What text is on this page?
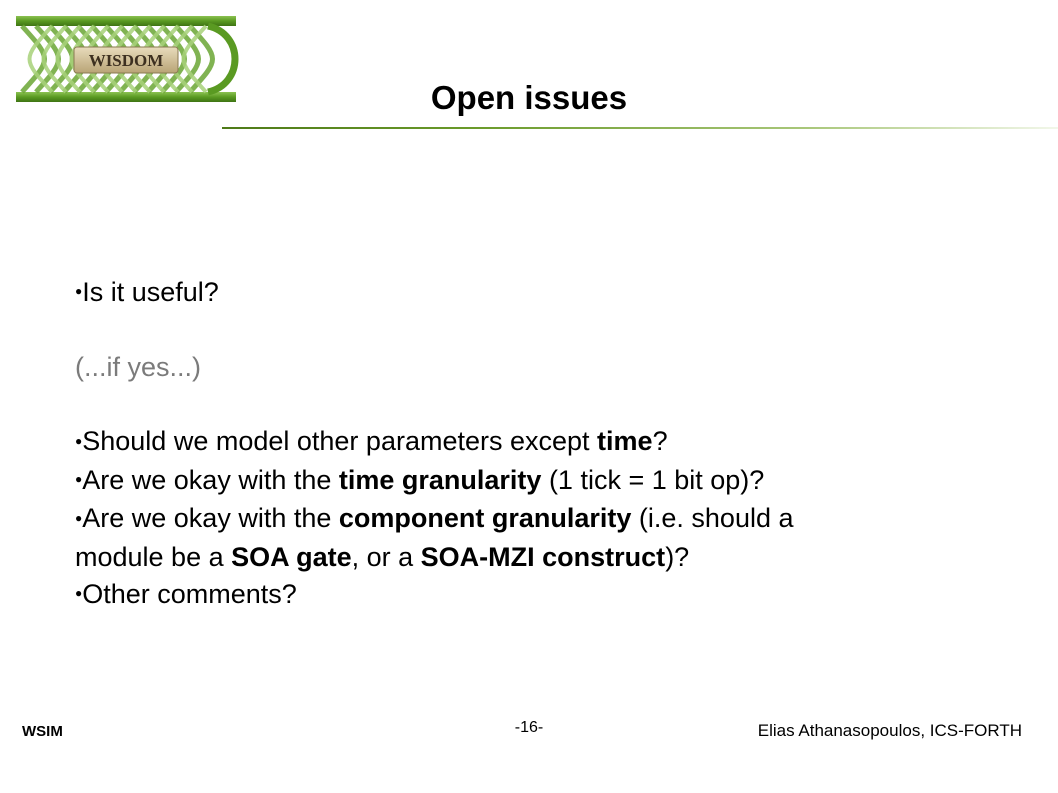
WISDOM
Open issues

●Is it useful?

(...if yes...)

●Should we model other parameters except time?

●Are we okay with the time granularity (1 tick = 1 bit op)?

●Are we okay with the component granularity (i.e. should a

module be a SOA gate, or a SOA-MZI construct)?

●Other comments?

WSIM	-16-	Elias Athanasopoulos, ICS-FORTH
